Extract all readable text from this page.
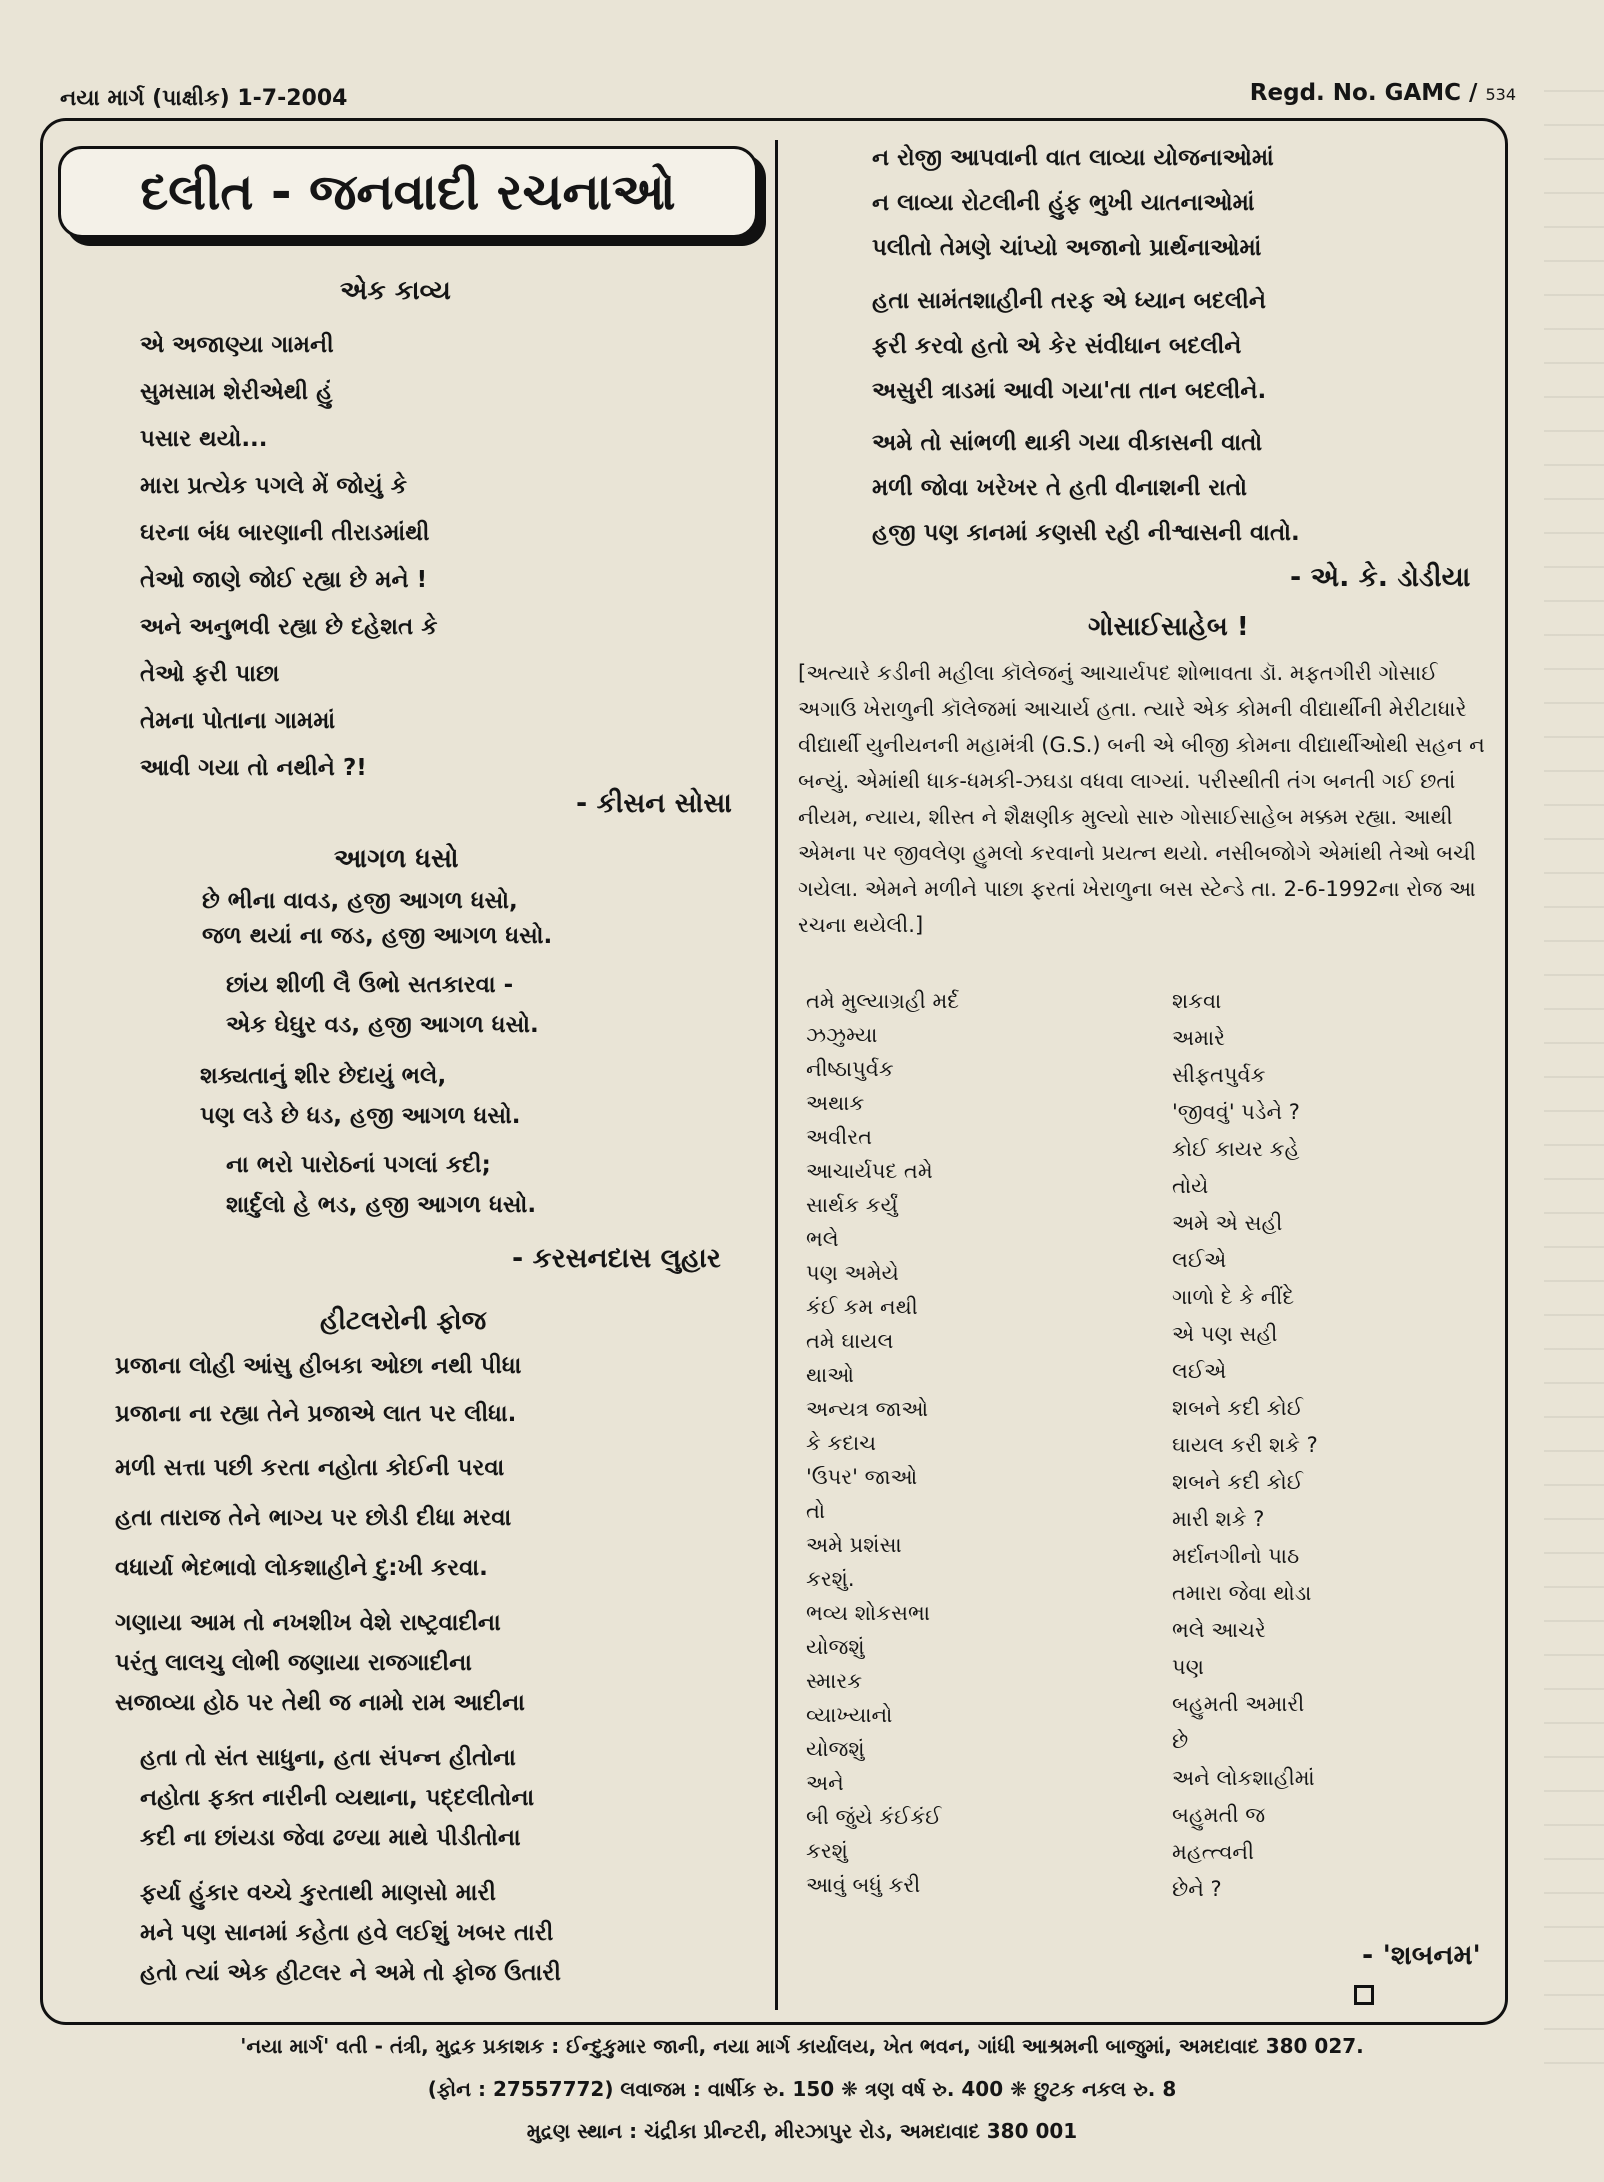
નયા માર્ગ (પાક્ષીક) 1-7-2004	Regd. No. GAMC / 534
દલીત - જનવાદી રચનાઓ
એક કાવ્ય
એ અજાણ્યા ગામની
સુમસામ શેરીએથી હું
પસાર થયો...
મારા પ્રત્યેક પગલે મેં જોયું કે
ઘરના બંધ બારણાની તીરાડમાંથી
તેઓ જાણે જોઈ રહ્યા છે મને !
અને અનુભવી રહ્યા છે દહેશત કે
તેઓ ફરી પાછા
તેમના પોતાના ગામમાં
આવી ગયા તો નથીને ?!
- કીસન સોસા
આગળ ધસો
છે ભીના વાવડ, હજી આગળ ધસો,
જળ થયાં ના જડ, હજી આગળ ધસો.
છાંય શીળી લૈ ઉભો સતકારવા -
એક ઘેઘુર વડ, હજી આગળ ધસો.
શક્યતાનું શીર છેદાયું ભલે,
પણ લડે છે ધડ, હજી આગળ ધસો.
ના ભરો પારોઠનાં પગલાં કદી;
શાર્દુલો હે ભડ, હજી આગળ ધસો.
- કરસનદાસ લુહાર
હીટલરોની ફોજ
પ્રજાના લોહી આંસુ હીબકા ઓછા નથી પીધા
પ્રજાના ના રહ્યા તેને પ્રજાએ લાત પર લીધા.
મળી સત્તા પછી કરતા નહોતા કોઈની પરવા
હતા તારાજ તેને ભાગ્ય પર છોડી દીધા મરવા
વધાર્યા ભેદભાવો લોકશાહીને દુ:ખી કરવા.
ગણાયા આમ તો નખશીખ વેશે રાષ્ટ્રવાદીના
પરંતુ લાલચુ લોભી જણાયા રાજગાદીના
સજાવ્યા હોઠ પર તેથી જ નામો રામ આદીના
હતા તો સંત સાધુના, હતા સંપન્ન હીતોના
નહોતા ફક્ત નારીની વ્યથાના, પદ્દલીતોના
કદી ના છાંયડા જેવા ઢળ્યા માથે પીડીતોના
ફર્યા હુંકાર વચ્ચે કુરતાથી માણસો મારી
મને પણ સાનમાં કહેતા હવે લઈશું ખબર તારી
હતો ત્યાં એક હીટલર ને અમે તો ફોજ ઉતારી
ન રોજી આપવાની વાત લાવ્યા યોજનાઓમાં
ન લાવ્યા રોટલીની હુંફ ભુખી યાતનાઓમાં
પલીતો તેમણે ચાંપ્યો અજાનો પ્રાર્થનાઓમાં
હતા સામંતશાહીની તરફ એ ધ્યાન બદલીને
ફરી કરવો હતો એ કેર સંવીધાન બદલીને
અસુરી ત્રાડમાં આવી ગયા'તા તાન બદલીને.
અમે તો સાંભળી થાકી ગયા વીકાસની વાતો
મળી જોવા ખરેખર તે હતી વીનાશની રાતો
હજી પણ કાનમાં કણસી રહી નીશ્વાસની વાતો.
- એ. કે. ડોડીયા
ગોસાઈસાહેબ !
[અત્યારે કડીની મહીલા કૉલેજનું આચાર્યપદ શોભાવતા ડૉ. મફતગીરી ગોસાઈ અગાઉ ખેરાળુની કૉલેજમાં આચાર્ય હતા. ત્યારે એક કોમની વીદ્યાર્થીની મેરીટાધારે વીદ્યાર્થી યુનીયનની મહામંત્રી (G.S.) બની એ બીજી કોમના વીદ્યાર્થીઓથી સહન ન બન્યું. એમાંથી ધાક-ધમકી-ઝઘડા વધવા લાગ્યાં. પરીસ્થીતી તંગ બનતી ગઈ છતાં નીયમ, ન્યાય, શીસ્ત ને શૈક્ષણીક મુલ્યો સારુ ગોસાઈસાહેબ મક્કમ રહ્યા. આથી એમના પર જીવલેણ હુમલો કરવાનો પ્રયત્ન થયો. નસીબજોગે એમાંથી તેઓ બચી ગયેલા. એમને મળીને પાછા ફરતાં ખેરાળુના બસ સ્ટેન્ડે તા. 2-6-1992ના રોજ આ રચના થયેલી.]
તમે મુલ્યાગ્રહી મર્દ
ઝઝુમ્યા
નીષ્ઠાપુર્વક
અથાક
અવીરત
આચાર્યપદ તમે
સાર્થક કર્યું
ભલે
પણ અમેયે
કંઈ કમ નથી
તમે ઘાયલ
થાઓ
અન્યત્ર જાઓ
કે કદાચ
'ઉપર' જાઓ
તો
અમે પ્રશંસા
કરશું.
ભવ્ય શોકસભા
યોજશું
સ્મારક
વ્યાખ્યાનો
યોજશું
અને
બી જુંયે કંઈકંઈ
કરશું
આવું બધું કરી
શકવા
અમારે
સીફતપુર્વક
'જીવવું' પડેને ?
કોઈ કાયર કહે
તોયે
અમે એ સહી
લઈએ
ગાળો દે કે નીંદે
એ પણ સહી
લઈએ
શબને કદી કોઈ
ઘાયલ કરી શકે ?
શબને કદી કોઈ
મારી શકે ?
મર્દાનગીનો પાઠ
તમારા જેવા થોડા
ભલે આચરે
પણ
બહુમતી અમારી
છે
અને લોકશાહીમાં
બહુમતી જ
મહત્ત્વની
છેને ?
- 'શબનમ'
'નયા માર્ગ' વતી - તંત્રી, મુદ્રક પ્રકાશક : ઈન્દુકુમાર જાની, નયા માર્ગ કાર્યાલય, ખેત ભવન, ગાંધી આશ્રમની બાજુમાં, અમદાવાદ 380 027.
(ફોન : 27557772) લવાજમ : વાર્ષીક રુ. 150 ❋ ત્રણ વર્ષ રુ. 400 ❋ છુટક નકલ રુ. 8
મુદ્રણ સ્થાન : ચંદ્રીકા પ્રીન્ટરી, મીરઝાપુર રોડ, અમદાવાદ 380 001
